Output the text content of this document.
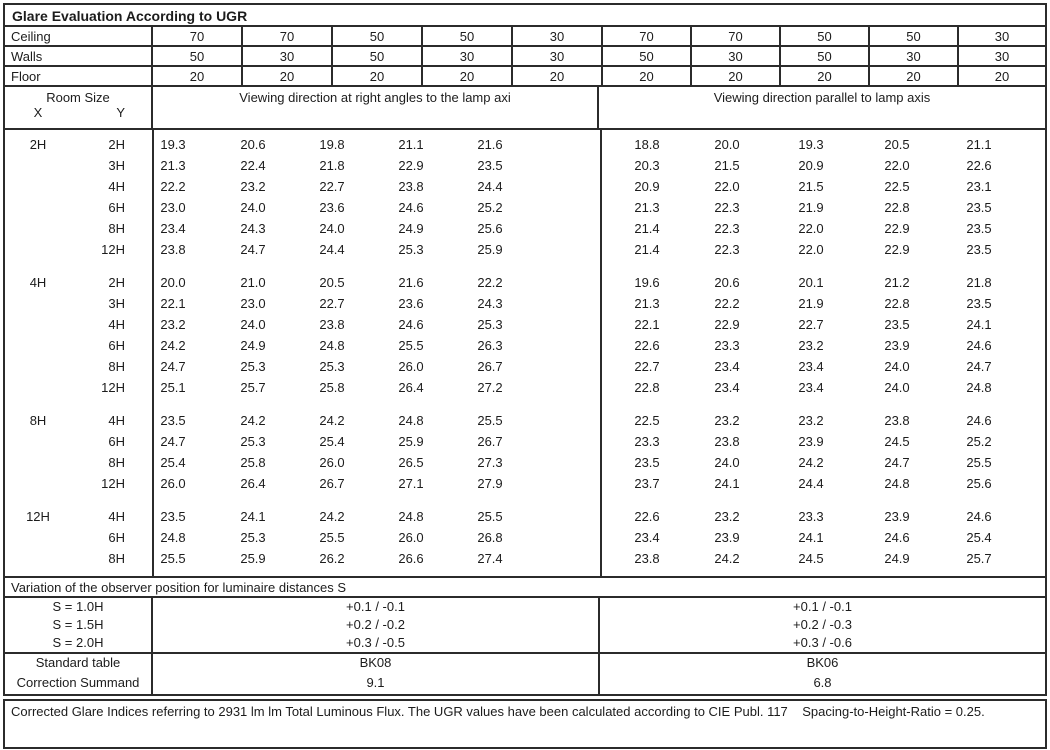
Glare Evaluation According to UGR
Ceiling	70	70	50	50	30	70	70	50	50	30
Walls	50	30	50	30	30	50	30	50	30	30
Floor	20	20	20	20	20	20	20	20	20	20
Room Size
X	Y
Viewing direction at right angles to the lamp axi	Viewing direction parallel to lamp axis
2H	2H	19.3	20.6	19.8	21.1	21.6	18.8	20.0	19.3	20.5	21.1
3H	21.3	22.4	21.8	22.9	23.5	20.3	21.5	20.9	22.0	22.6
4H	22.2	23.2	22.7	23.8	24.4	20.9	22.0	21.5	22.5	23.1
6H	23.0	24.0	23.6	24.6	25.2	21.3	22.3	21.9	22.8	23.5
8H	23.4	24.3	24.0	24.9	25.6	21.4	22.3	22.0	22.9	23.5
12H	23.8	24.7	24.4	25.3	25.9	21.4	22.3	22.0	22.9	23.5
4H	2H	20.0	21.0	20.5	21.6	22.2	19.6	20.6	20.1	21.2	21.8
3H	22.1	23.0	22.7	23.6	24.3	21.3	22.2	21.9	22.8	23.5
4H	23.2	24.0	23.8	24.6	25.3	22.1	22.9	22.7	23.5	24.1
6H	24.2	24.9	24.8	25.5	26.3	22.6	23.3	23.2	23.9	24.6
8H	24.7	25.3	25.3	26.0	26.7	22.7	23.4	23.4	24.0	24.7
12H	25.1	25.7	25.8	26.4	27.2	22.8	23.4	23.4	24.0	24.8
8H	4H	23.5	24.2	24.2	24.8	25.5	22.5	23.2	23.2	23.8	24.6
6H	24.7	25.3	25.4	25.9	26.7	23.3	23.8	23.9	24.5	25.2
8H	25.4	25.8	26.0	26.5	27.3	23.5	24.0	24.2	24.7	25.5
12H	26.0	26.4	26.7	27.1	27.9	23.7	24.1	24.4	24.8	25.6
12H	4H	23.5	24.1	24.2	24.8	25.5	22.6	23.2	23.3	23.9	24.6
6H	24.8	25.3	25.5	26.0	26.8	23.4	23.9	24.1	24.6	25.4
8H	25.5	25.9	26.2	26.6	27.4	23.8	24.2	24.5	24.9	25.7
Variation of the observer position for luminaire distances S
S = 1.0H	+0.1 / -0.1	+0.1 / -0.1
S = 1.5H	+0.2 / -0.2	+0.2 / -0.3
S = 2.0H	+0.3 / -0.5	+0.3 / -0.6
Standard table	BK08	BK06
Correction Summand	9.1	6.8
Corrected Glare Indices referring to 2931 lm lm Total Luminous Flux. The UGR values have been calculated according to CIE Publ. 117    Spacing-to-Height-Ratio = 0.25.
